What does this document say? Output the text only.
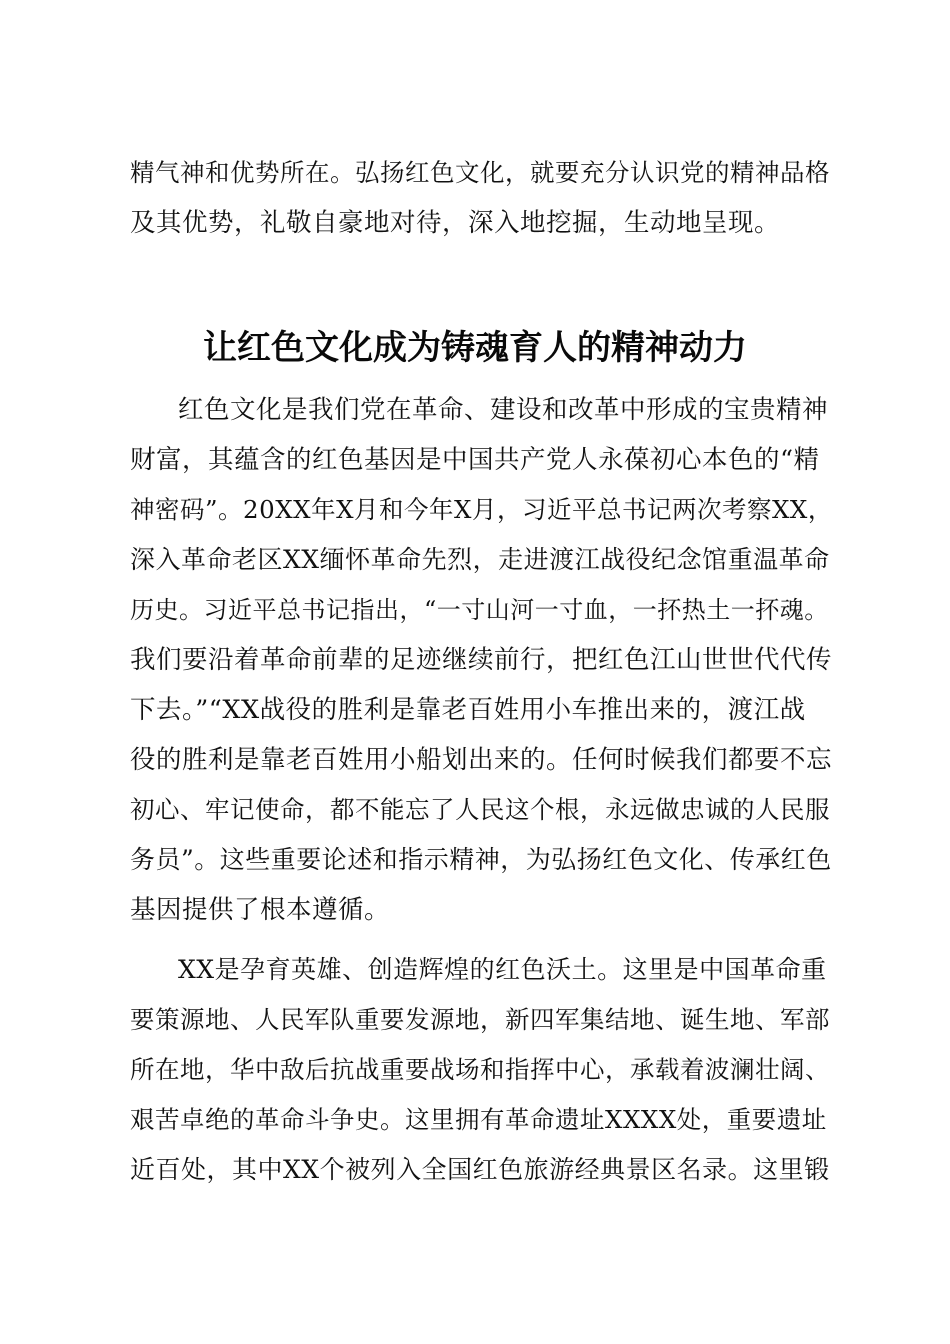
精气神和优势所在。弘扬红色文化，就要充分认识党的精神品格
及其优势，礼敬自豪地对待，深入地挖掘，生动地呈现。
让红色文化成为铸魂育人的精神动力
红色文化是我们党在革命、建设和改革中形成的宝贵精神
财富，其蕴含的红色基因是中国共产党人永葆初心本色的“精
神密码”。20XX年X月和今年X月，习近平总书记两次考察XX，
深入革命老区XX缅怀革命先烈，走进渡江战役纪念馆重温革命
历史。习近平总书记指出，“一寸山河一寸血，一抔热土一抔魂。
我们要沿着革命前辈的足迹继续前行，把红色江山世世代代传
下去。”“XX战役的胜利是靠老百姓用小车推出来的，渡江战
役的胜利是靠老百姓用小船划出来的。任何时候我们都要不忘
初心、牢记使命，都不能忘了人民这个根，永远做忠诚的人民服
务员”。这些重要论述和指示精神，为弘扬红色文化、传承红色
基因提供了根本遵循。
XX是孕育英雄、创造辉煌的红色沃土。这里是中国革命重
要策源地、人民军队重要发源地，新四军集结地、诞生地、军部
所在地，华中敌后抗战重要战场和指挥中心，承载着波澜壮阔、
艰苦卓绝的革命斗争史。这里拥有革命遗址XXXX处，重要遗址
近百处，其中XX个被列入全国红色旅游经典景区名录。这里锻
